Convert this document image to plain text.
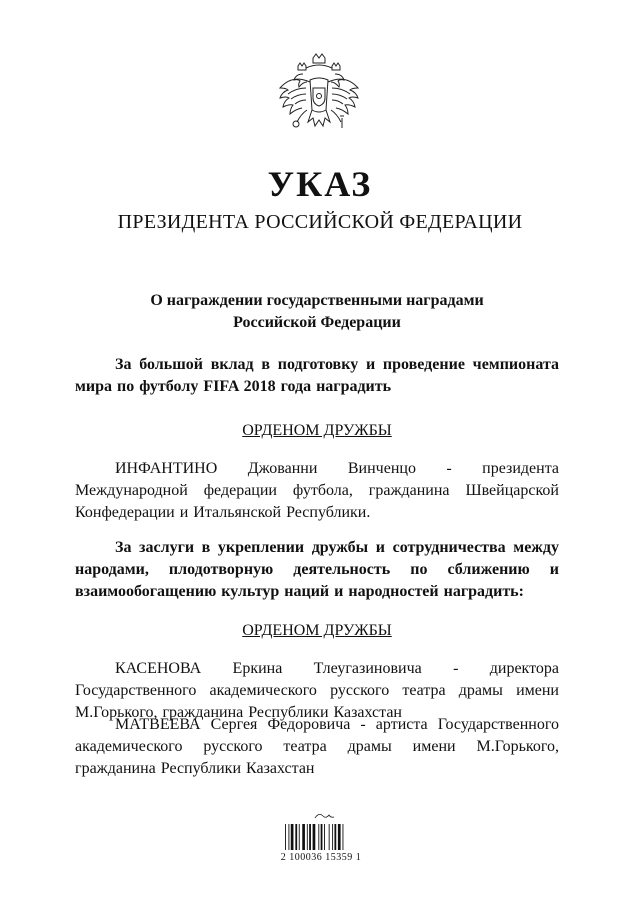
УКАЗ
ПРЕЗИДЕНТА РОССИЙСКОЙ ФЕДЕРАЦИИ
О награждении государственными наградами
Российской Федерации
За большой вклад в подготовку и проведение чемпионата мира по футболу FIFA 2018 года наградить
ОРДЕНОМ ДРУЖБЫ
ИНФАНТИНО Джованни Винченцо - президента Международной федерации футбола, гражданина Швейцарской Конфедерации и Итальянской Республики.
За заслуги в укреплении дружбы и сотрудничества между народами, плодотворную деятельность по сближению и взаимообогащению культур наций и народностей наградить:
ОРДЕНОМ ДРУЖБЫ
КАСЕНОВА Еркина Тлеугазиновича - директора Государственного академического русского театра драмы имени М.Горького, гражданина Республики Казахстан
МАТВЕЕВА Сергея Федоровича - артиста Государственного академического русского театра драмы имени М.Горького, гражданина Республики Казахстан
2 100036 15359 1
